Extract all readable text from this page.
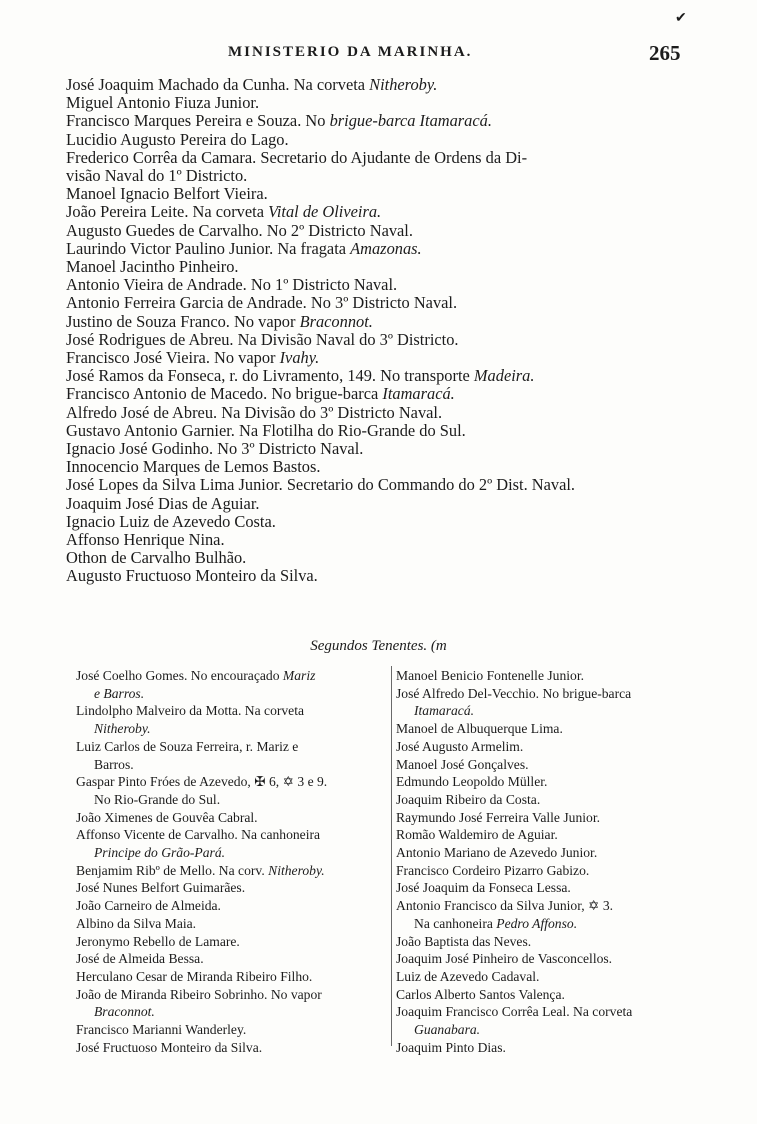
✔
MINISTERIO DA MARINHA.	265
José Joaquim Machado da Cunha. Na corveta Nitheroby.
Miguel Antonio Fiuza Junior.
Francisco Marques Pereira e Souza. No brigue-barca Itamaracá.
Lucidio Augusto Pereira do Lago.
Frederico Corrêa da Camara. Secretario do Ajudante de Ordens da Di-
visão Naval do 1º Districto.
Manoel Ignacio Belfort Vieira.
João Pereira Leite. Na corveta Vital de Oliveira.
Augusto Guedes de Carvalho. No 2º Districto Naval.
Laurindo Victor Paulino Junior. Na fragata Amazonas.
Manoel Jacintho Pinheiro.
Antonio Vieira de Andrade. No 1º Districto Naval.
Antonio Ferreira Garcia de Andrade. No 3º Districto Naval.
Justino de Souza Franco. No vapor Braconnot.
José Rodrigues de Abreu. Na Divisão Naval do 3º Districto.
Francisco José Vieira. No vapor Ivahy.
José Ramos da Fonseca, r. do Livramento, 149. No transporte Madeira.
Francisco Antonio de Macedo. No brigue-barca Itamaracá.
Alfredo José de Abreu. Na Divisão do 3º Districto Naval.
Gustavo Antonio Garnier. Na Flotilha do Rio-Grande do Sul.
Ignacio José Godinho. No 3º Districto Naval.
Innocencio Marques de Lemos Bastos.
José Lopes da Silva Lima Junior. Secretario do Commando do 2º Dist. Naval.
Joaquim José Dias de Aguiar.
Ignacio Luiz de Azevedo Costa.
Affonso Henrique Nina.
Othon de Carvalho Bulhão.
Augusto Fructuoso Monteiro da Silva.
Segundos Tenentes. (m
José Coelho Gomes. No encouraçado Mariz
e Barros.
Lindolpho Malveiro da Motta. Na corveta
Nitheroby.
Luiz Carlos de Souza Ferreira, r. Mariz e
Barros.
Gaspar Pinto Fróes de Azevedo, ✠ 6, ✡ 3 e 9.
No Rio-Grande do Sul.
João Ximenes de Gouvêa Cabral.
Affonso Vicente de Carvalho. Na canhoneira
Principe do Grão-Pará.
Benjamim Ribº de Mello. Na corv. Nitheroby.
José Nunes Belfort Guimarães.
João Carneiro de Almeida.
Albino da Silva Maia.
Jeronymo Rebello de Lamare.
José de Almeida Bessa.
Herculano Cesar de Miranda Ribeiro Filho.
João de Miranda Ribeiro Sobrinho. No vapor
Braconnot.
Francisco Marianni Wanderley.
José Fructuoso Monteiro da Silva.
Manoel Benicio Fontenelle Junior.
José Alfredo Del-Vecchio. No brigue-barca
Itamaracá.
Manoel de Albuquerque Lima.
José Augusto Armelim.
Manoel José Gonçalves.
Edmundo Leopoldo Müller.
Joaquim Ribeiro da Costa.
Raymundo José Ferreira Valle Junior.
Romão Waldemiro de Aguiar.
Antonio Mariano de Azevedo Junior.
Francisco Cordeiro Pizarro Gabizo.
José Joaquim da Fonseca Lessa.
Antonio Francisco da Silva Junior, ✡ 3.
Na canhoneira Pedro Affonso.
João Baptista das Neves.
Joaquim José Pinheiro de Vasconcellos.
Luiz de Azevedo Cadaval.
Carlos Alberto Santos Valença.
Joaquim Francisco Corrêa Leal. Na corveta
Guanabara.
Joaquim Pinto Dias.
